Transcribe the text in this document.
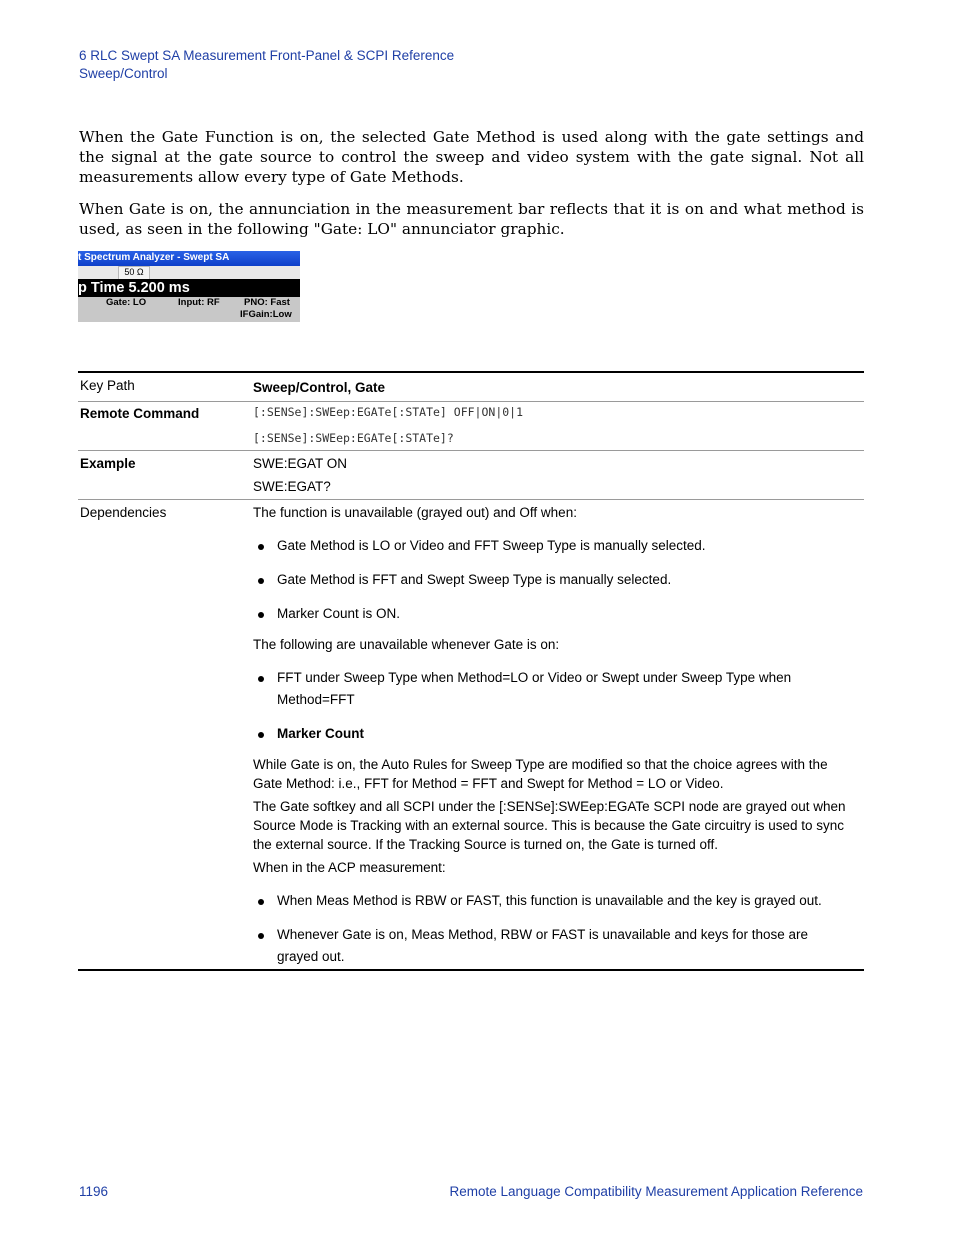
6 RLC Swept SA Measurement Front-Panel & SCPI Reference
Sweep/Control

When the Gate Function is on, the selected Gate Method is used along with the gate settings and the signal at the gate source to control the sweep and video system with the gate signal. Not all measurements allow every type of Gate Methods.

When Gate is on, the annunciation in the measurement bar reflects that it is on and what method is used, as seen in the following "Gate: LO" annunciator graphic.

t Spectrum Analyzer - Swept SA
50 Ω
p Time 5.200 ms
Gate: LO	Input: RF	PNO: Fast
IFGain:Low
Key Path	Sweep/Control, Gate
Remote Command	[:SENSe]:SWEep:EGATe[:STATe] OFF|ON|0|1
[:SENSe]:SWEep:EGATe[:STATe]?
Example	SWE:EGAT ON
SWE:EGAT?
Dependencies	The function is unavailable (grayed out) and Off when:
Gate Method is LO or Video and FFT Sweep Type is manually selected.
Gate Method is FFT and Swept Sweep Type is manually selected.
Marker Count is ON.
The following are unavailable whenever Gate is on:
FFT under Sweep Type when Method=LO or Video or Swept under Sweep Type when
Method=FFT
Marker Count

While Gate is on, the Auto Rules for Sweep Type are modified so that the choice agrees with the Gate Method: i.e., FFT for Method = FFT and Swept for Method = LO or Video.

The Gate softkey and all SCPI under the [:SENSe]:SWEep:EGATe SCPI node are grayed out when Source Mode is Tracking with an external source. This is because the Gate circuitry is used to sync the external source. If the Tracking Source is turned on, the Gate is turned off.

When in the ACP measurement:
When Meas Method is RBW or FAST, this function is unavailable and the key is grayed out.
Whenever Gate is on, Meas Method, RBW or FAST is unavailable and keys for those are
grayed out.
1196	Remote Language Compatibility Measurement Application Reference
